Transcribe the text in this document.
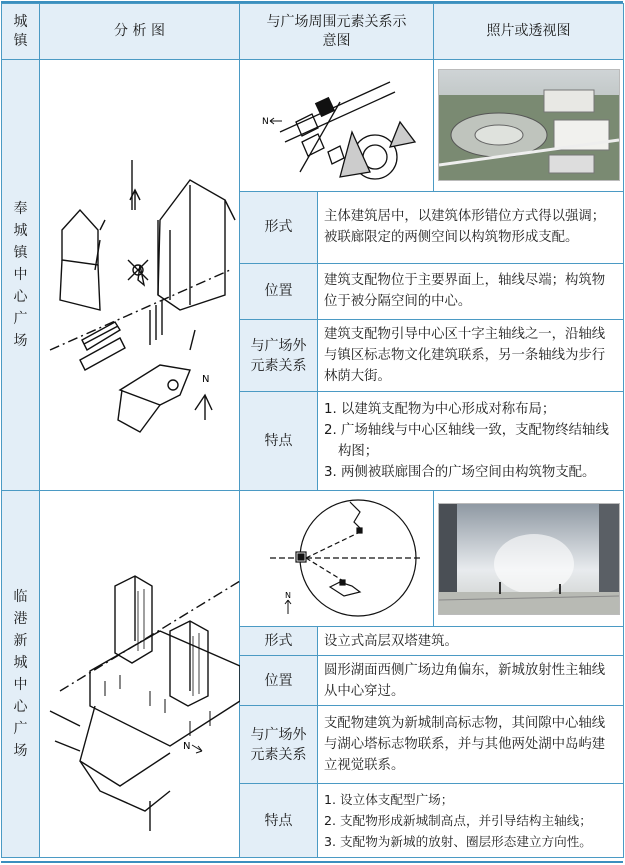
城镇	分 析 图	与广场周围元素关系示意图		照片或透视图

奉城镇中心广场	N	N

		形式	主体建筑居中，以建筑体形错位方式得以强调；被联廊限定的两侧空间以构筑物形成支配。	
		位置	建筑支配物位于主要界面上，轴线尽端；构筑物位于被分隔空间的中心。	

		与广场外元素关系	建筑支配物引导中心区十字主轴线之一，沿轴线与镇区标志物文化建筑联系，另一条轴线为步行林荫大街。	
		特点	1. 以建筑支配物为中心形成对称布局；
2. 广场轴线与中心区轴线一致，支配物终结轴线构图；
3. 两侧被联廊围合的广场空间由构筑物支配。	

临港新城中心广场	N	N

		形式	设立式高层双塔建筑。	
		位置	圆形湖面西侧广场边角偏东，新城放射性主轴线从中心穿过。	

		与广场外元素关系	支配物建筑为新城制高标志物，其间隙中心轴线与湖心塔标志物联系，并与其他两处湖中岛屿建立视觉联系。	
		特点	1. 设立体支配型广场；
2. 支配物形成新城制高点，并引导结构主轴线；
3. 支配物为新城的放射、圈层形态建立方向性。	
